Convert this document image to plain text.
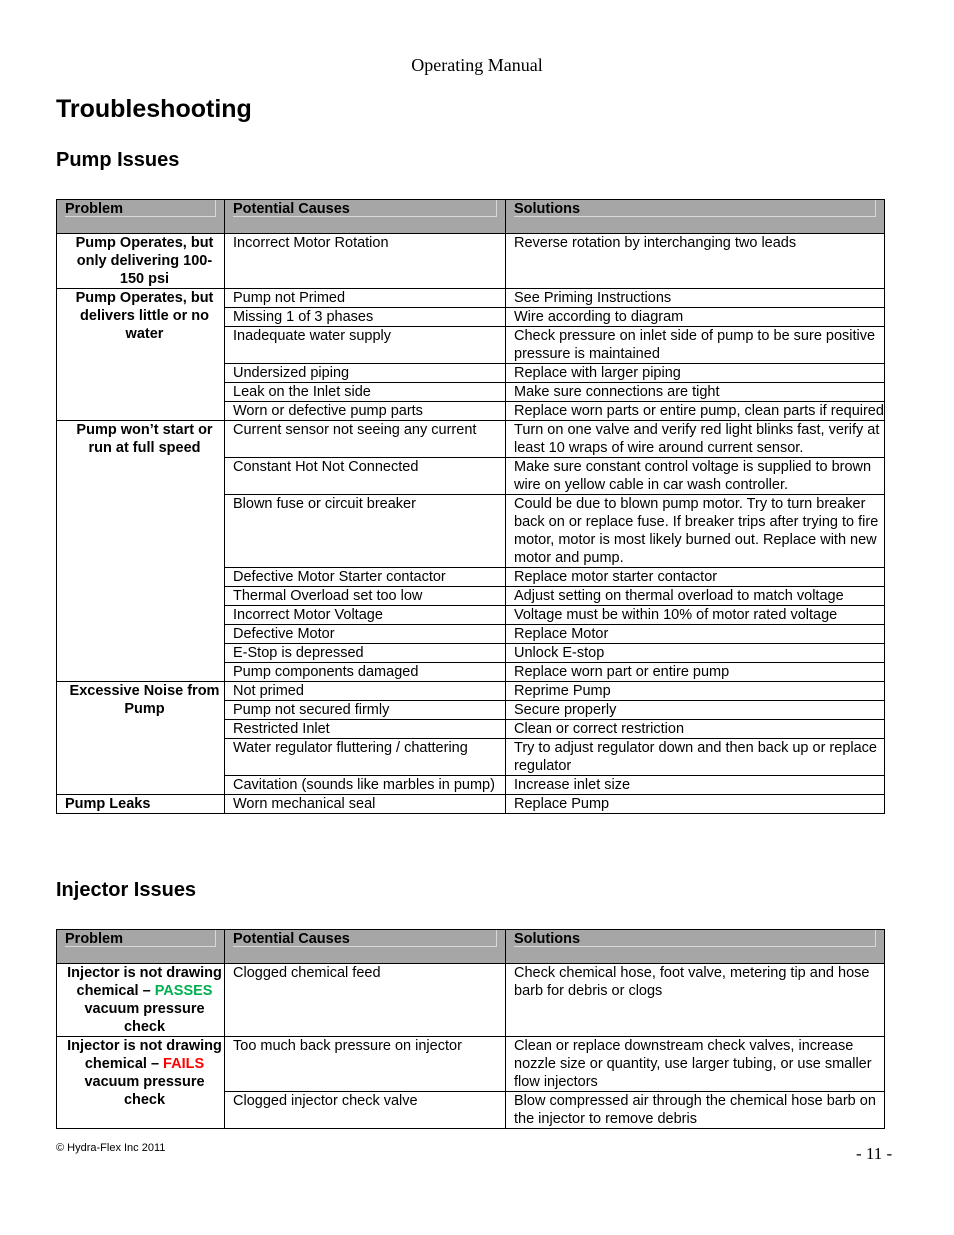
Operating Manual
Troubleshooting
Pump Issues
Problem	Potential Causes	Solutions

Pump Operates, but only delivering 100-150 psi	Incorrect Motor Rotation	Reverse rotation by interchanging two leads
Pump Operates, but delivers little or no water	Pump not Primed	See Priming Instructions
	Missing 1 of 3 phases	Wire according to diagram
	Inadequate water supply	Check pressure on inlet side of pump to be sure positive pressure is maintained
	Undersized piping	Replace with larger piping
	Leak on the Inlet side	Make sure connections are tight
	Worn or defective pump parts	Replace worn parts or entire pump, clean parts if required
Pump won’t start or run at full speed	Current sensor not seeing any current	Turn on one valve and verify red light blinks fast, verify at least 10 wraps of wire around current sensor.
	Constant Hot Not Connected	Make sure constant control voltage is supplied to brown wire on yellow cable in car wash controller.
	Blown fuse or circuit breaker	Could be due to blown pump motor. Try to turn breaker back on or replace fuse. If breaker trips after trying to fire motor, motor is most likely burned out. Replace with new motor and pump.
	Defective Motor Starter contactor	Replace motor starter contactor
	Thermal Overload set too low	Adjust setting on thermal overload to match voltage
	Incorrect Motor Voltage	Voltage must be within 10% of motor rated voltage
	Defective Motor	Replace Motor
	E-Stop is depressed	Unlock E-stop
	Pump components damaged	Replace worn part or entire pump
Excessive Noise from Pump	Not primed	Reprime Pump
	Pump not secured firmly	Secure properly
	Restricted Inlet	Clean or correct restriction
	Water regulator fluttering / chattering	Try to adjust regulator down and then back up or replace regulator
	Cavitation (sounds like marbles in pump)	Increase inlet size
Pump Leaks	Worn mechanical seal	Replace Pump
Injector Issues
Problem	Potential Causes	Solutions

Injector is not drawing chemical – PASSES vacuum pressure check	Clogged chemical feed	Check chemical hose, foot valve, metering tip and hose barb for debris or clogs
Injector is not drawing chemical – FAILS vacuum pressure check	Too much back pressure on injector	Clean or replace downstream check valves, increase nozzle size or quantity, use larger tubing, or use smaller flow injectors
	Clogged injector check valve	Blow compressed air through the chemical hose barb on the injector to remove debris
© Hydra-Flex Inc 2011	- 11 -
